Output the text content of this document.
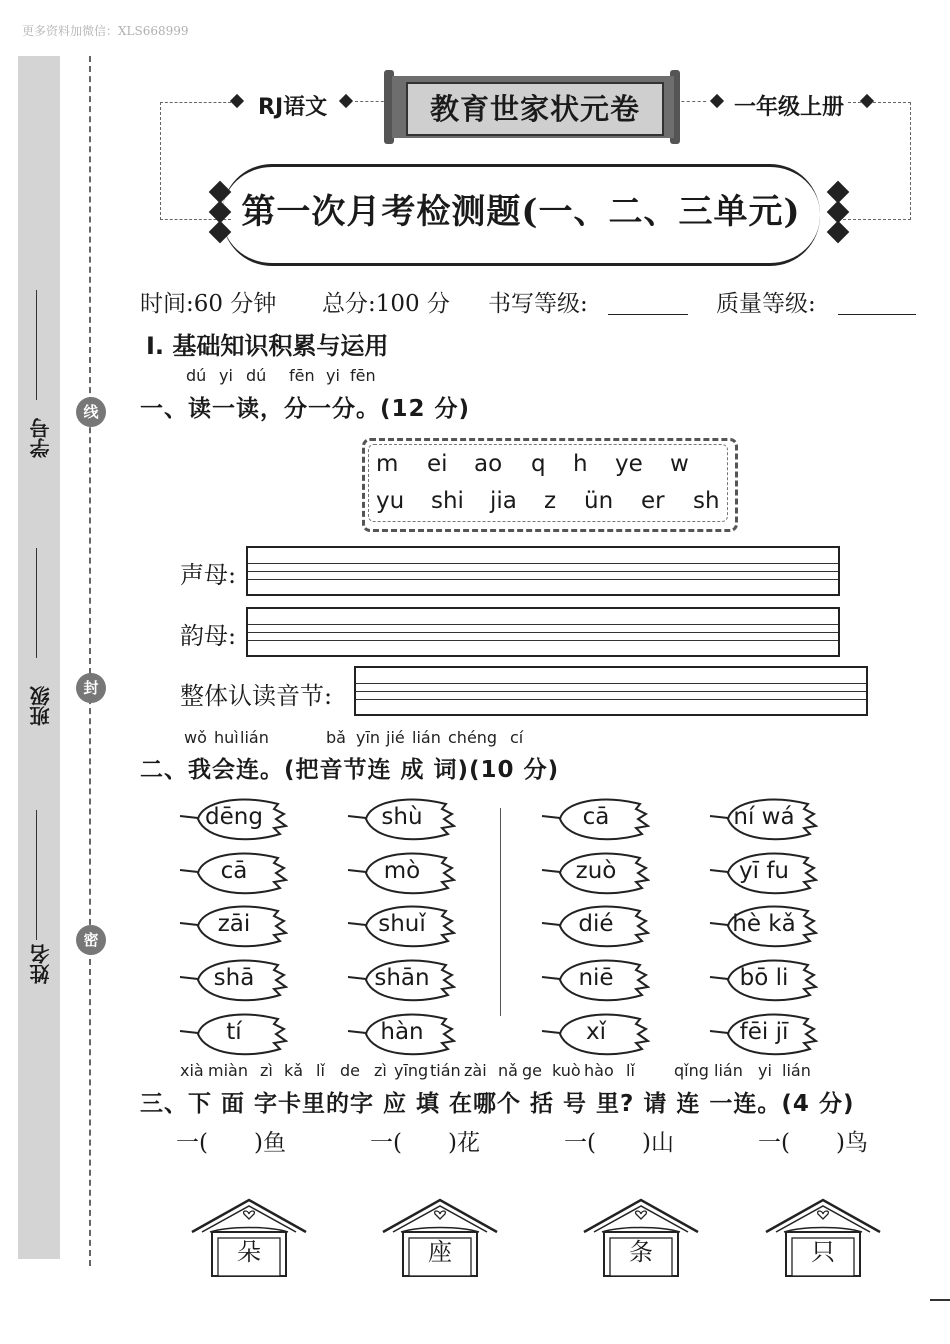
更多资料加微信：XLS668999
学号
班级
姓名
线
封
密
RJ语文	一年级上册
教育世家状元卷
第一次月考检测题(一、二、三单元)
时间:60 分钟 总分:100 分 书写等级:	质量等级:
Ⅰ. 基础知识积累与运用
dú yi dú fēn yi fēn
一、读一读，分一分。(12 分)
m ei ao q h ye w
yu shi jia z ün er sh
声母:
韵母:
整体认读音节:
wǒ huì lián	bǎ yīn jié lián chéng cí
二、我会连。(把音节连 成 词)(10 分)
dēng
cā
zāi
shā
tí
shù
mò
shuǐ
shān
hàn
cā
zuò
dié
niē
xǐ
ní wá
yī fu
hè kǎ
bō li
fēi jī
xià miàn zì kǎ lǐ de zì yīng tián zài nǎ ge kuò hào lǐ qǐng lián yi lián
三、下 面 字卡里的字 应 填 在哪个 括 号 里? 请 连 一连。(4 分)
一(　　)鱼	一(　　)花	一(　　)山	一(　　)鸟
朵	座	条	只
